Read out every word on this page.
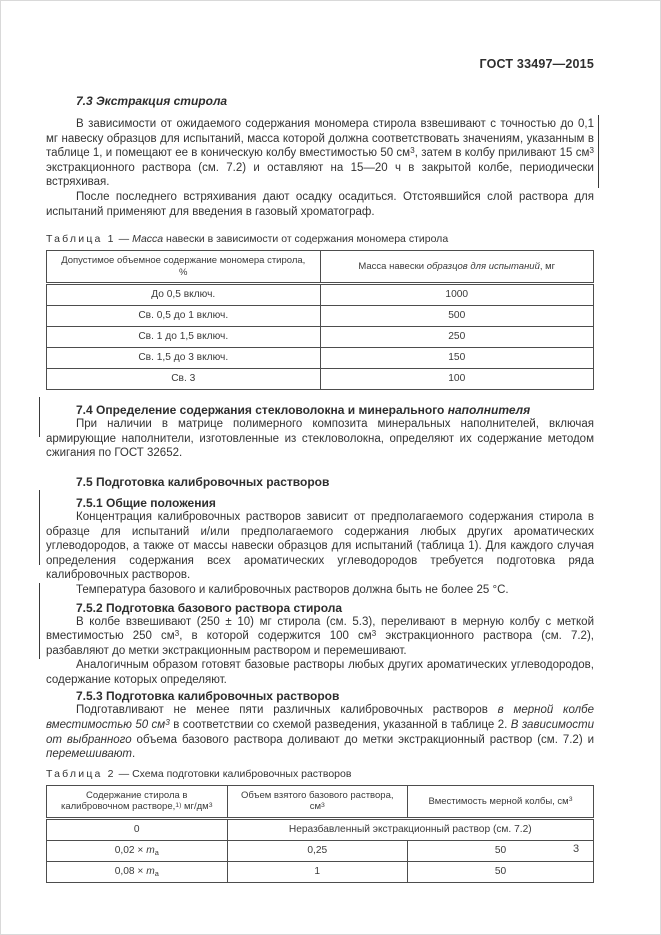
ГОСТ 33497—2015
7.3 Экстракция стирола

В зависимости от ожидаемого содержания мономера стирола взвешивают с точностью до 0,1 мг навеску образцов для испытаний, масса которой должна соответствовать значениям, указанным в таблице 1, и помещают ее в коническую колбу вместимостью 50 $см^3$, затем в колбу приливают 15 $см^3$ экстракционного раствора (см. 7.2) и оставляют на 15—20 ч в закрытой колбе, периодически встряхивая.

После последнего встряхивания дают осадку осадиться. Отстоявшийся слой раствора для испытаний применяют для введения в газовый хроматограф.

Таблица 1 — Масса навески в зависимости от содержания мономера стирола
Допустимое объемное содержание мономера стирола, %	Масса навески образцов для испытаний, мг
До 0,5 включ.	1000
Св. 0,5 до 1 включ.	500
Св. 1 до 1,5 включ.	250
Св. 1,5 до 3 включ.	150
Св. 3	100
7.4 Определение содержания стекловолокна и минерального наполнителя

При наличии в матрице полимерного композита минеральных наполнителей, включая армирующие наполнители, изготовленные из стекловолокна, определяют их содержание методом сжигания по ГОСТ 32652.

7.5 Подготовка калибровочных растворов
7.5.1 Общие положения

Концентрация калибровочных растворов зависит от предполагаемого содержания стирола в образце для испытаний и/или предполагаемого содержания любых других ароматических углеводородов, а также от массы навески образцов для испытаний (таблица 1). Для каждого случая определения содержания всех ароматических углеводородов требуется подготовка ряда калибровочных растворов.

Температура базового и калибровочных растворов должна быть не более 25 °С.

7.5.2 Подготовка базового раствора стирола

В колбе взвешивают (250 ± 10) мг стирола (см. 5.3), переливают в мерную колбу с меткой вместимостью 250 $см^3$, в которой содержится 100 $см^3$ экстракционного раствора (см. 7.2), разбавляют до метки экстракционным раствором и перемешивают.

Аналогичным образом готовят базовые растворы любых других ароматических углеводородов, содержание которых определяют.

7.5.3 Подготовка калибровочных растворов

Подготавливают не менее пяти различных калибровочных растворов в мерной колбе вместимостью 50 $см^3$ в соответствии со схемой разведения, указанной в таблице 2. В зависимости от выбранного объема базового раствора доливают до метки экстракционный раствор (см. 7.2) и перемешивают.

Таблица 2 — Схема подготовки калибровочных растворов
Содержание стирола в калибровочном растворе,$^{1)}$ $мг/дм^3$	Объем взятого базового раствора, $см^3$	Вместимость мерной колбы, $см^3$
0	Неразбавленный экстракционный раствор (см. 7.2)	
$0,02 \times m_а$	0,25	50
$0,08 \times m_а$	1	50
3
